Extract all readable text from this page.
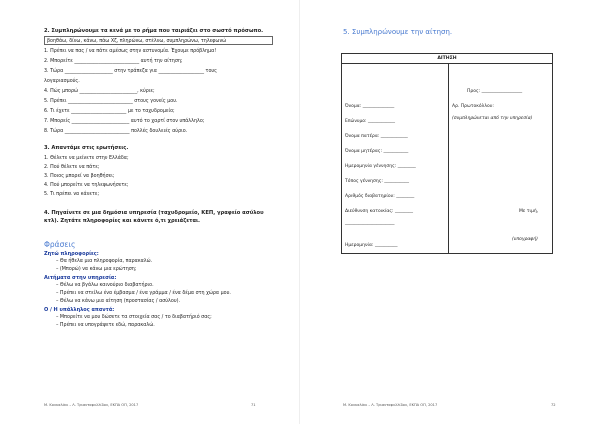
2. Συμπληρώνουμε τα κενά με το ρήμα που ταιριάζει στο σωστό πρόσωπο.
βοηθάω, δίνω, κάνω, πάω Χζ, πληρώνω, στέλνω, συμπληρώνω, τηλεφωνώ
1. Πρέπει να πας / να πάτε αμέσως στην αστυνομία. Έχουμε πρόβλημα!
2. Μπορείτε ___________________________ αυτή την αίτηση;
3. Τώρα ____________________ στην τράπεζα για ___________________ τους
λογαριασμούς.
4. Πώς μπορώ ________________________, κύριε;
5. Πρέπει ___________________________ στους γονείς μου.
6. Τι έχετε _______________________ με το ταχυδρομείο;
7. Μπορείς ________________________ αυτό το χαρτί στον υπάλληλο;
8. Τώρα ___________________________ πολλές δουλειές αύριο.
3. Απαντάμε στις ερωτήσεις.
1. Θέλετε να μείνετε στην Ελλάδα;
2. Πού θέλετε να πάτε;
3. Ποιος μπορεί να βοηθήσει;
4. Πού μπορείτε να τηλεφωνήσετε;
5. Τι πρέπει να κάνετε;
4. Πηγαίνετε σε μια δημόσια υπηρεσία (ταχυδρομείο, ΚΕΠ, γραφείο ασύλου
κτλ). Ζητάτε πληροφορίες και κάνετε ό,τι χρειάζεται.
Φράσεις
Ζητώ πληροφορίες:
– Θα ήθελα μια πληροφορία, παρακαλώ.
– (Μπορώ) να κάνω μια ερώτηση;
Αιτήματα στην υπηρεσία:
– Θέλω να βγάλω καινούριο διαβατήριο.
– Πρέπει να στείλω ένα έμβασμα / ένα γράμμα / ένα δέμα στη χώρα μου.
– Θέλω να κάνω μια αίτηση (προστασίας / ασύλου).
Ο / Η υπάλληλος απαντά:
– Μπορείτε να μου δώσετε τα στοιχεία σας / το διαβατήριό σας;
– Πρέπει να υπογράψετε εδώ, παρακαλώ.
Μ. Κουκαλάνι – Λ. Τριανταφυλλίδου, ΕΚΠΑ ΟΠ, 2017	71
5. Συμπληρώνουμε την αίτηση.
ΑΙΤΗΣΗ
Όνομα: ______________
Επώνυμο: ____________
Όνομα πατέρα: ____________
Όνομα μητέρας: ___________
Ημερομηνία γέννησης: ________
Τόπος γέννησης: ___________
Αριθμός διαβατηρίου: ________
Διεύθυνση κατοικίας: ________
______________________
Ημερομηνία: __________
Προς: __________________
Αρ. Πρωτοκόλλου:
(συμπληρώνεται από την υπηρεσία)
Με τιμή,
(υπογραφή)
Μ. Κουκαλάνι – Λ. Τριανταφυλλίδου, ΕΚΠΑ ΟΠ, 2017	72
